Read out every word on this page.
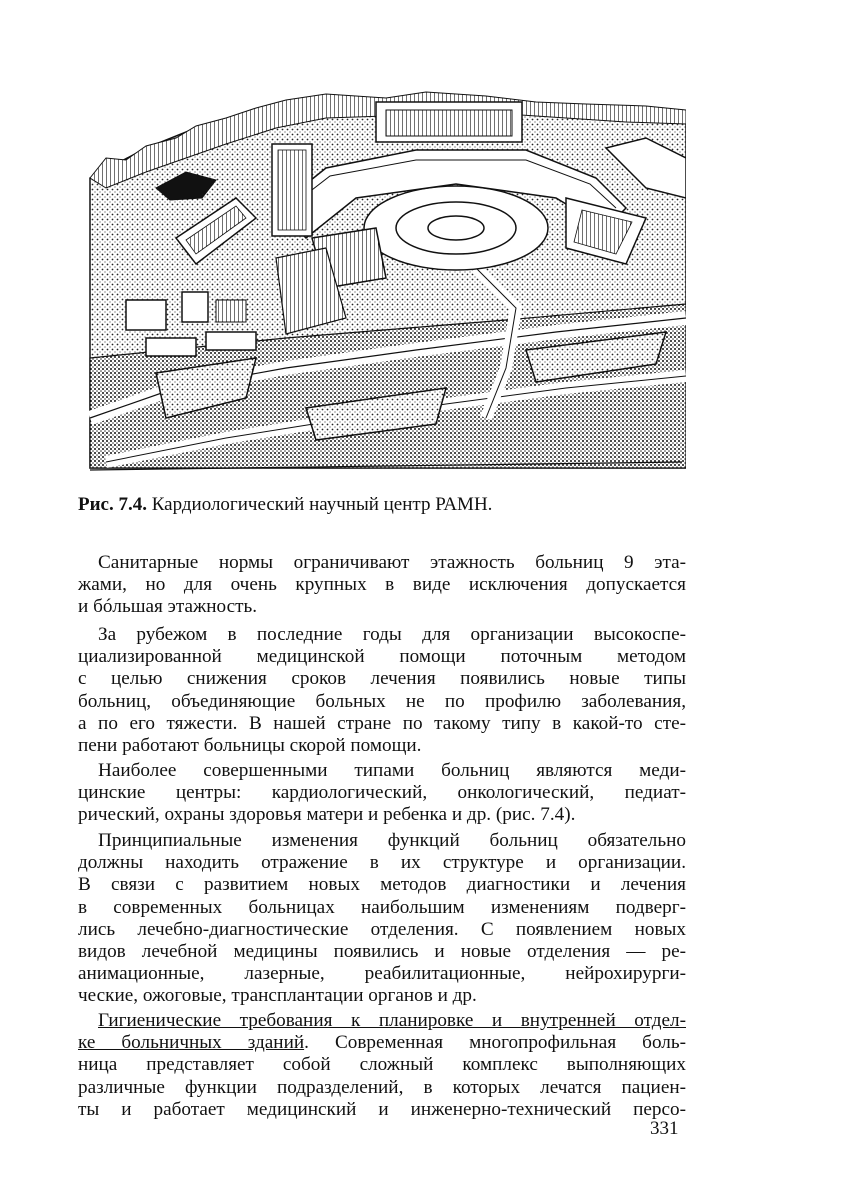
Рис. 7.4. Кардиологический научный центр РАМН.
Санитарные нормы ограничивают этажность больниц 9 эта-
жами, но для очень крупных в виде исключения допускается
и бóльшая этажность.
За рубежом в последние годы для организации высокоспе-
циализированной медицинской помощи поточным методом
с целью снижения сроков лечения появились новые типы
больниц, объединяющие больных не по профилю заболевания,
а по его тяжести. В нашей стране по такому типу в какой-то сте-
пени работают больницы скорой помощи.
Наиболее совершенными типами больниц являются меди-
цинские центры: кардиологический, онкологический, педиат-
рический, охраны здоровья матери и ребенка и др. (рис. 7.4).
Принципиальные изменения функций больниц обязательно
должны находить отражение в их структуре и организации.
В связи с развитием новых методов диагностики и лечения
в современных больницах наибольшим изменениям подверг-
лись лечебно-диагностические отделения. С появлением новых
видов лечебной медицины появились и новые отделения — ре-
анимационные, лазерные, реабилитационные, нейрохирурги-
ческие, ожоговые, трансплантации органов и др.
Гигиенические требования к планировке и внутренней отдел-
ке больничных зданий. Современная многопрофильная боль-
ница представляет собой сложный комплекс выполняющих
различные функции подразделений, в которых лечатся пациен-
ты и работает медицинский и инженерно-технический персо-
331
